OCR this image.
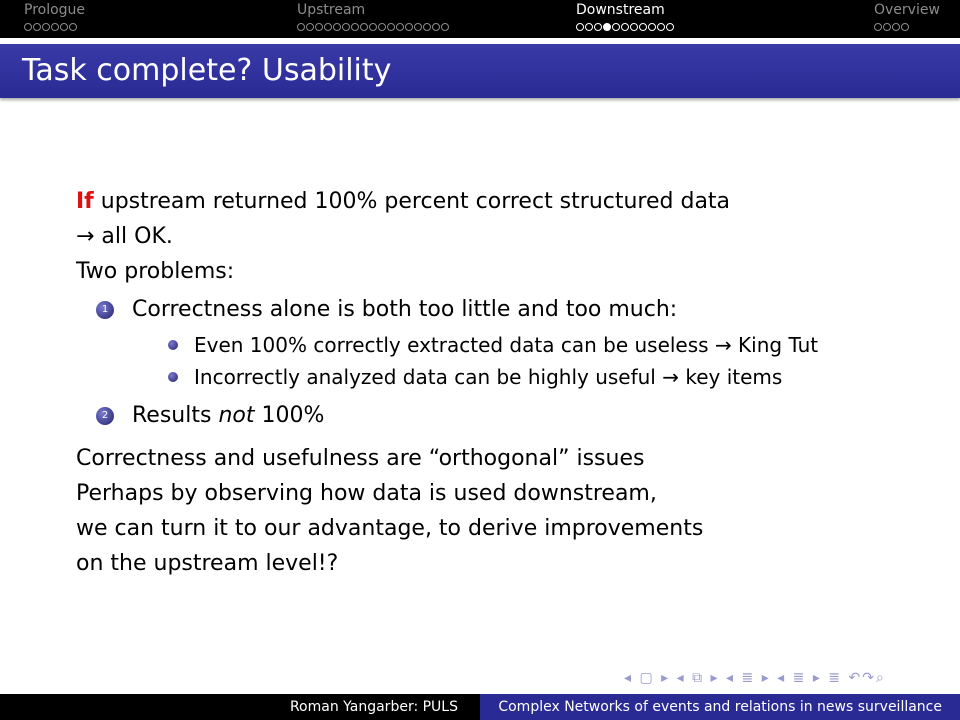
Prologue	Upstream	Downstream	Overview
Task complete? Usability
If upstream returned 100% percent correct structured data
→ all OK.
Two problems:
1 Correctness alone is both too little and too much:
Even 100% correctly extracted data can be useless → King Tut
Incorrectly analyzed data can be highly useful → key items
2 Results not 100%
Correctness and usefulness are “orthogonal” issues
Perhaps by observing how data is used downstream,
we can turn it to our advantage, to derive improvements
on the upstream level!?
◂ ▢ ▸ ◂ ⧉ ▸ ◂ ≣ ▸ ◂ ≣ ▸ ≣ ↶↷⌕
Roman Yangarber: PULS	Complex Networks of events and relations in news surveillance
